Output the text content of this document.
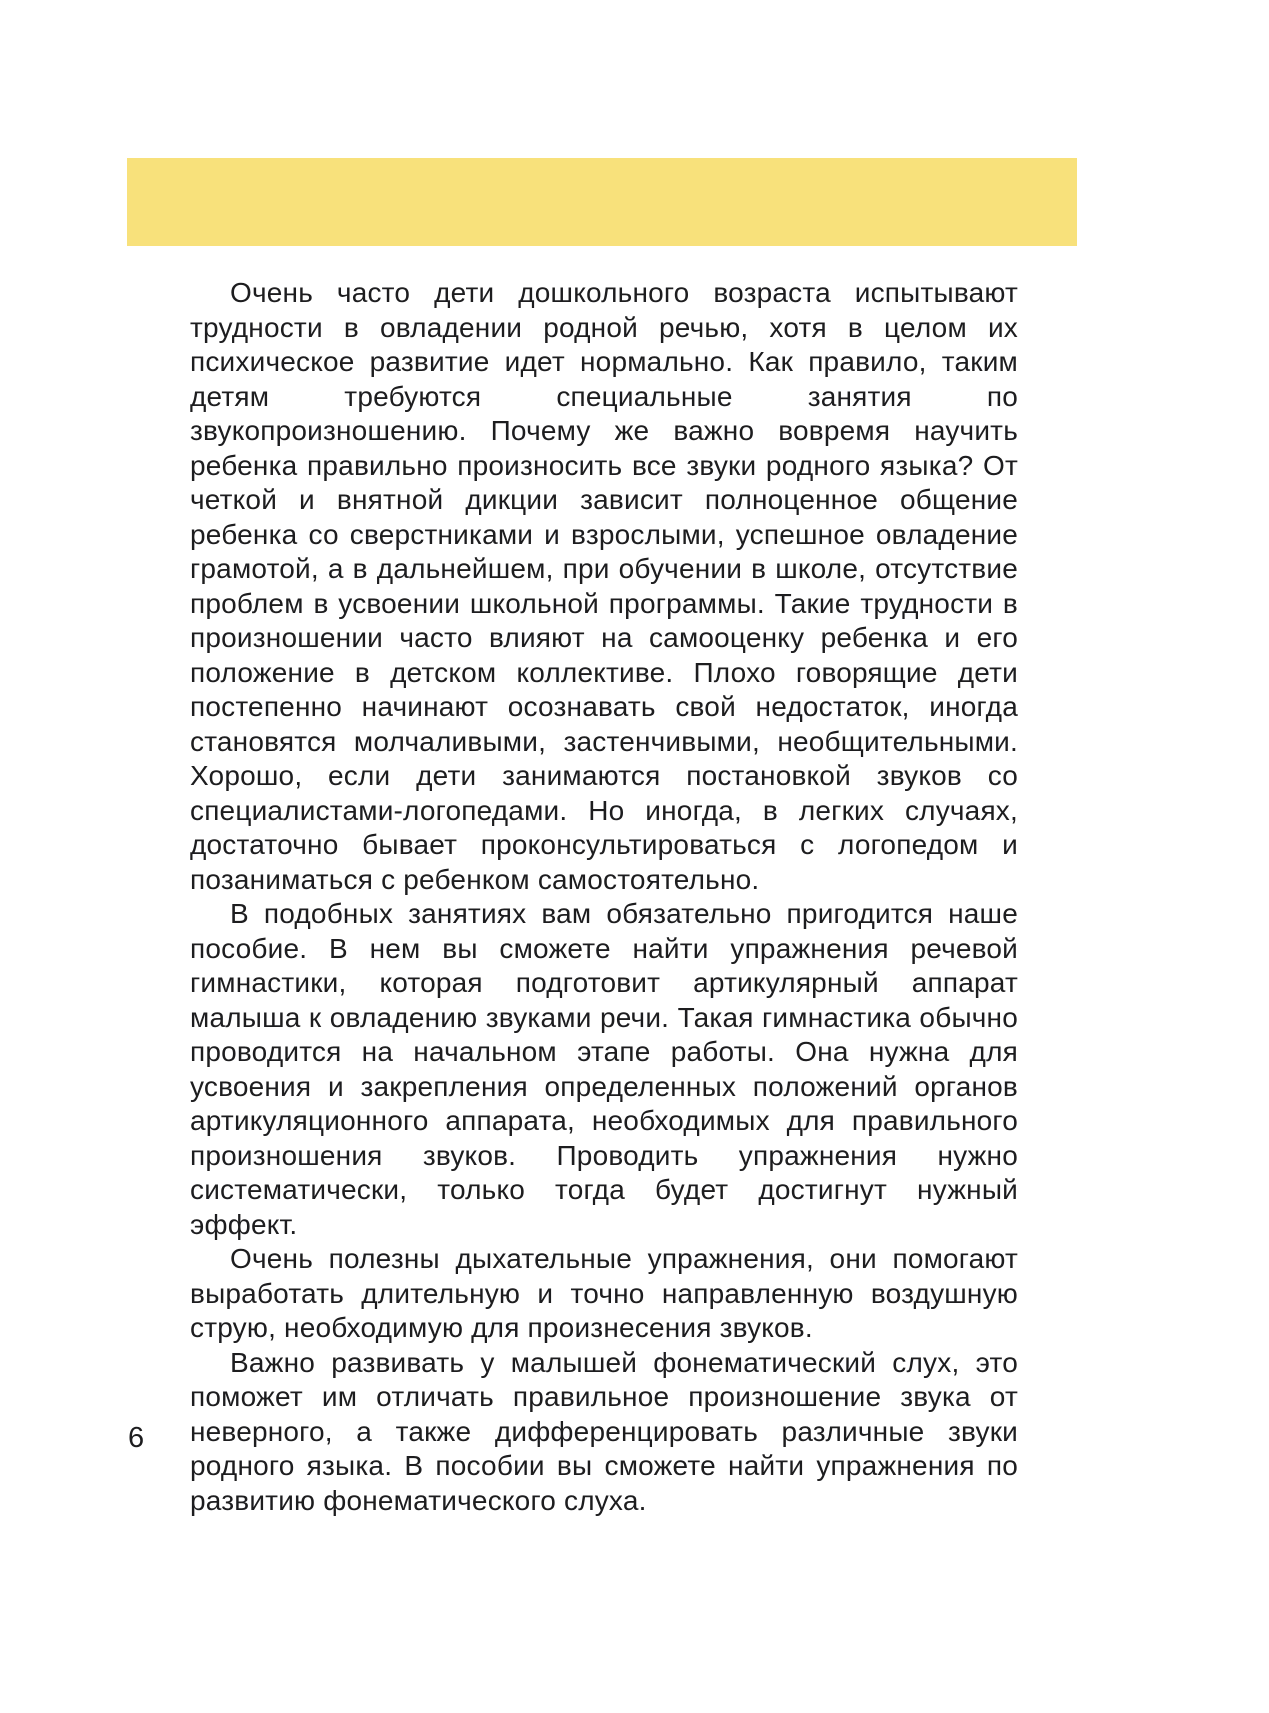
Очень часто дети дошкольного возраста испытывают трудности в овладении родной речью, хотя в целом их психическое развитие идет нормально. Как правило, таким детям требуются специальные занятия по звукопроизношению. Почему же важно вовремя научить ребенка правильно произносить все звуки родного языка? От четкой и внятной дикции зависит полноценное общение ребенка со сверстниками и взрослыми, успешное овладение грамотой, а в дальнейшем, при обучении в школе, отсутствие проблем в усвоении школьной программы. Такие трудности в произношении часто влияют на самооценку ребенка и его положение в детском коллективе. Плохо говорящие дети постепенно начинают осознавать свой недостаток, иногда становятся молчаливыми, застенчивыми, необщительными. Хорошо, если дети занимаются постановкой звуков со специалистами-логопедами. Но иногда, в легких случаях, достаточно бывает проконсультироваться с логопедом и позаниматься с ребенком самостоятельно.

В подобных занятиях вам обязательно пригодится наше пособие. В нем вы сможете найти упражнения речевой гимнастики, которая подготовит артикулярный аппарат малыша к овладению звуками речи. Такая гимнастика обычно проводится на начальном этапе работы. Она нужна для усвоения и закрепления определенных положений органов артикуляционного аппарата, необходимых для правильного произношения звуков. Проводить упражнения нужно систематически, только тогда будет достигнут нужный эффект.

Очень полезны дыхательные упражнения, они помогают выработать длительную и точно направленную воздушную струю, необходимую для произнесения звуков.

Важно развивать у малышей фонематический слух, это поможет им отличать правильное произношение звука от неверного, а также дифференцировать различные звуки родного языка. В пособии вы сможете найти упражнения по развитию фонематического слуха.

6
